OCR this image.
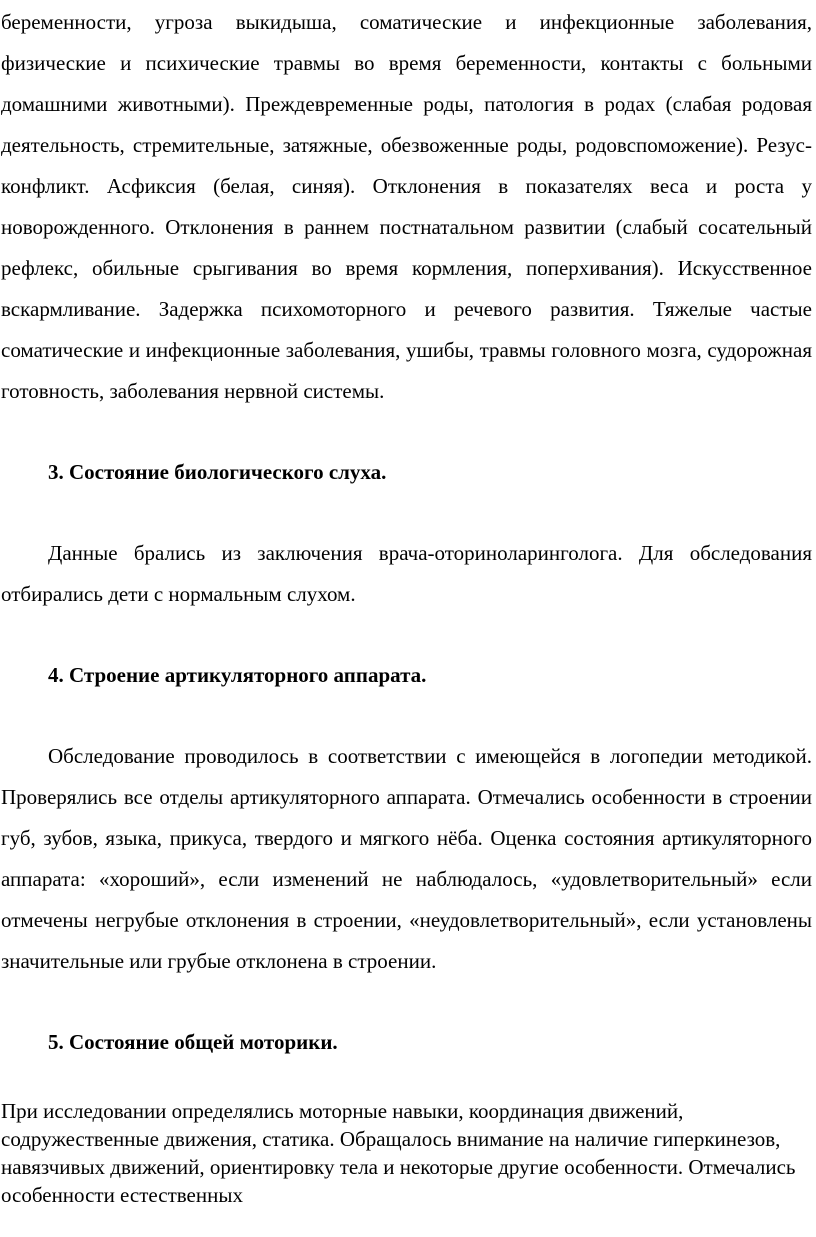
беременности, угроза выкидыша, соматические и инфекционные заболевания, физические и психические травмы во время беременности, контакты с больными домашними животными). Преждевременные роды, патология в родах (слабая родовая деятельность, стремительные, затяжные, обезвоженные роды, родовспоможение). Резус-конфликт. Асфиксия (белая, синяя). Отклонения в показателях веса и роста у новорожденного. Отклонения в раннем постнатальном развитии (слабый сосательный рефлекс, обильные срыгивания во время кормления, поперхивания). Искусственное вскармливание. Задержка психомоторного и речевого развития. Тяжелые частые соматические и инфекционные заболевания, ушибы, травмы головного мозга, судорожная готовность, заболевания нервной системы.

3. Состояние биологического слуха.

Данные брались из заключения врача-оториноларинголога. Для обследования отбирались дети с нормальным слухом.

4. Строение артикуляторного аппарата.

Обследование проводилось в соответствии с имеющейся в логопедии методикой. Проверялись все отделы артикуляторного аппарата. Отмечались особенности в строении губ, зубов, языка, прикуса, твердого и мягкого нёба. Оценка состояния артикуляторного аппарата: «хороший», если изменений не наблюдалось, «удовлетворительный» если отмечены негрубые отклонения в строении, «неудовлетворительный», если установлены значительные или грубые отклонена в строении.

5. Состояние общей моторики.

При исследовании определялись моторные навыки, координация движений, содружественные движения, статика. Обращалось внимание на наличие гиперкинезов, навязчивых движений, ориентировку тела и некоторые другие особенности. Отмечались особенности естественных
